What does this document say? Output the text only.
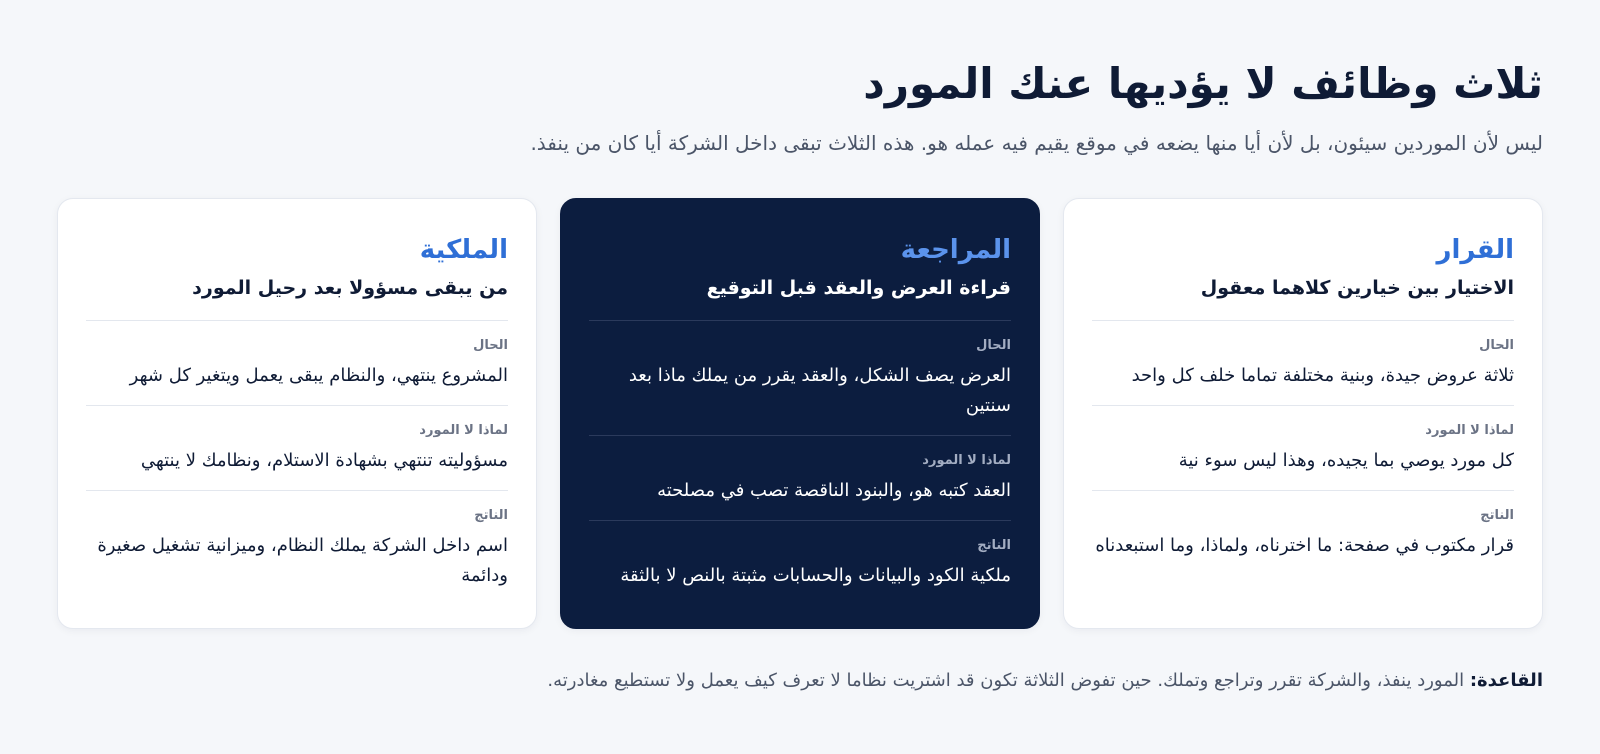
ثلاث وظائف لا يؤديها عنك المورد

ليس لأن الموردين سيئون، بل لأن أيا منها يضعه في موقع يقيم فيه عمله هو. هذه الثلاث تبقى داخل الشركة أيا كان من ينفذ.

القرار
الاختيار بين خيارين كلاهما معقول
الحال
ثلاثة عروض جيدة، وبنية مختلفة تماما خلف كل واحد
لماذا لا المورد
كل مورد يوصي بما يجيده، وهذا ليس سوء نية
الناتج
قرار مكتوب في صفحة: ما اخترناه، ولماذا، وما استبعدناه
المراجعة
قراءة العرض والعقد قبل التوقيع
الحال
العرض يصف الشكل، والعقد يقرر من يملك ماذا بعد سنتين
لماذا لا المورد
العقد كتبه هو، والبنود الناقصة تصب في مصلحته
الناتج
ملكية الكود والبيانات والحسابات مثبتة بالنص لا بالثقة
الملكية
من يبقى مسؤولا بعد رحيل المورد
الحال
المشروع ينتهي، والنظام يبقى يعمل ويتغير كل شهر
لماذا لا المورد
مسؤوليته تنتهي بشهادة الاستلام، ونظامك لا ينتهي
الناتج
اسم داخل الشركة يملك النظام، وميزانية تشغيل صغيرة ودائمة

القاعدة: المورد ينفذ، والشركة تقرر وتراجع وتملك. حين تفوض الثلاثة تكون قد اشتريت نظاما لا تعرف كيف يعمل ولا تستطيع مغادرته.
